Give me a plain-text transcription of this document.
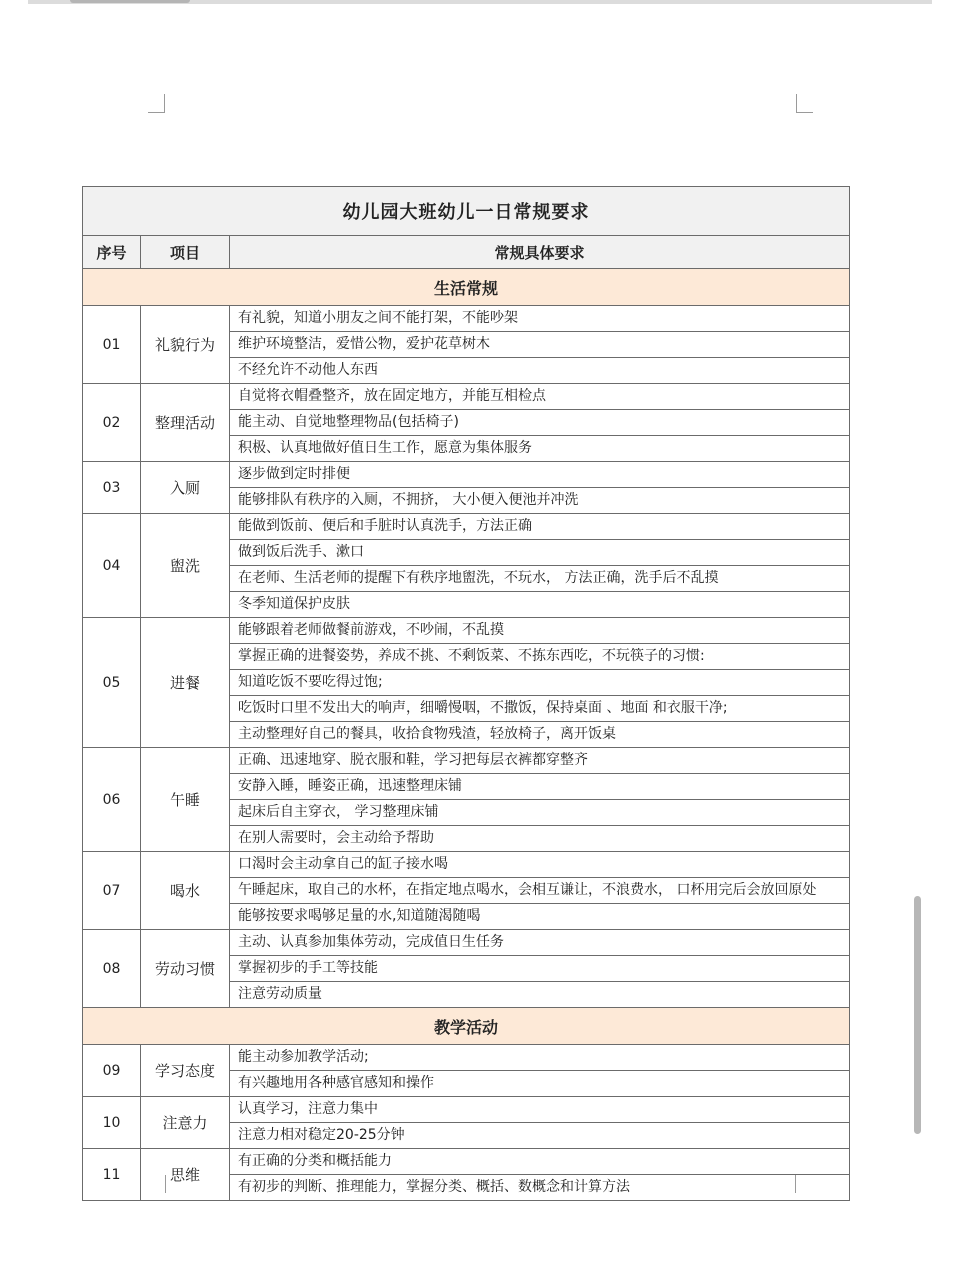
幼儿园大班幼儿一日常规要求		
序号	项目	常规具体要求
生活常规		
01	礼貌行为	有礼貌，知道小朋友之间不能打架，不能吵架
		维护环境整洁，爱惜公物，爱护花草树木
		不经允许不动他人东西
02	整理活动	自觉将衣帽叠整齐，放在固定地方，并能互相检点
		能主动、自觉地整理物品(包括椅子)
		积极、认真地做好值日生工作，愿意为集体服务
03	入厕	逐步做到定时排便
		能够排队有秩序的入厕，不拥挤， 大小便入便池并冲洗
04	盥洗	能做到饭前、便后和手脏时认真洗手，方法正确
		做到饭后洗手、漱口
		在老师、生活老师的提醒下有秩序地盥洗，不玩水， 方法正确，洗手后不乱摸
		冬季知道保护皮肤
05	进餐	能够跟着老师做餐前游戏，不吵闹，不乱摸
		掌握正确的进餐姿势，养成不挑、不剩饭菜、不拣东西吃，不玩筷子的习惯:
		知道吃饭不要吃得过饱;
		吃饭时口里不发出大的响声，细嚼慢咽，不撒饭，保持桌面 、地面 和衣服干净;
		主动整理好自己的餐具，收拾食物残渣，轻放椅子，离开饭桌
06	午睡	正确、迅速地穿、脱衣服和鞋，学习把每层衣裤都穿整齐
		安静入睡，睡姿正确，迅速整理床铺
		起床后自主穿衣， 学习整理床铺
		在别人需要时，会主动给予帮助
07	喝水	口渴时会主动拿自己的缸子接水喝
		午睡起床，取自己的水杯，在指定地点喝水，会相互谦让，不浪费水， 口杯用完后会放回原处
		能够按要求喝够足量的水,知道随渴随喝
08	劳动习惯	主动、认真参加集体劳动，完成值日生任务
		掌握初步的手工等技能
		注意劳动质量
教学活动		
09	学习态度	能主动参加教学活动;
		有兴趣地用各种感官感知和操作
10	注意力	认真学习，注意力集中
		注意力相对稳定20-25分钟
11	思维	有正确的分类和概括能力
		有初步的判断、推理能力，掌握分类、概括、数概念和计算方法
